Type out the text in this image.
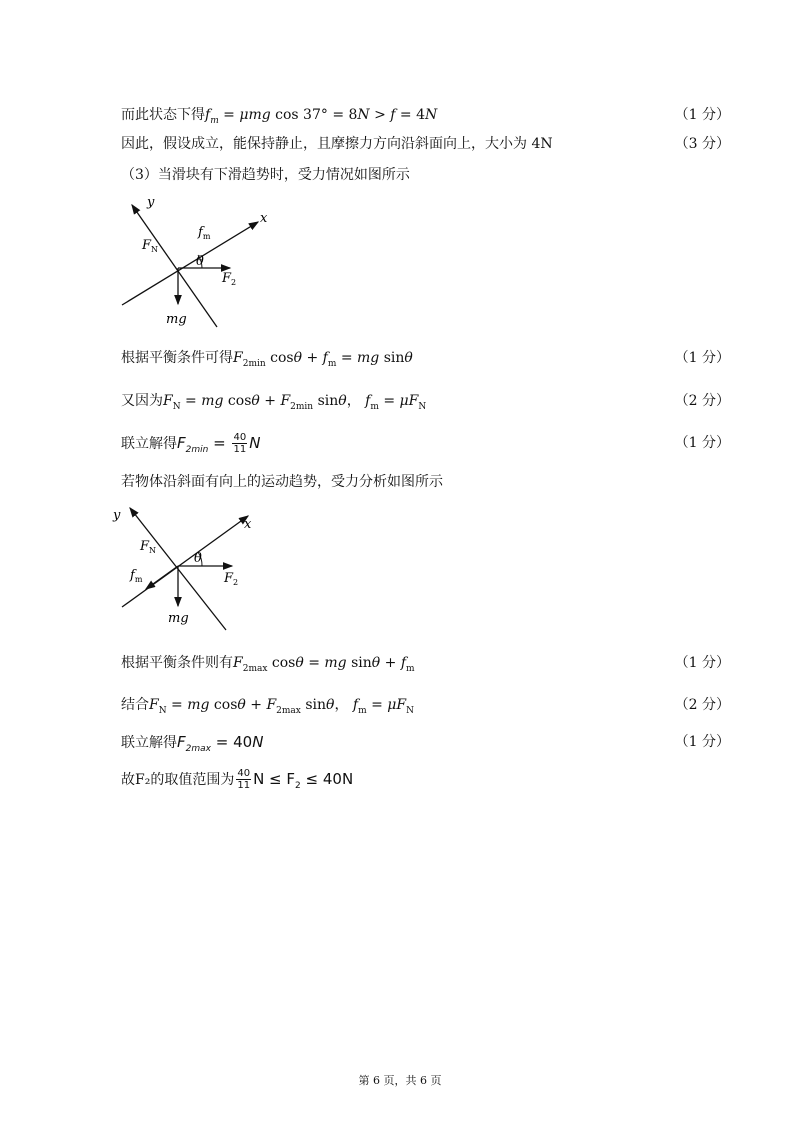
而此状态下得$f_m = \mu mg$ cos 37° = 8N > f = 4N	（1 分）
因此，假设成立，能保持静止，且摩擦力方向沿斜面向上，大小为 4N	（3 分）
（3）当滑块有下滑趋势时，受力情况如图所示
y
x
$f_m$
$F_N$
θ
$F_2$
mg
根据平衡条件可得$F_{2min}$ $\cos\theta + f_m$ = mg sinθ	（1 分）
又因为$F_N$ = mg $\cos\theta + F_{2min}$ sinθ， $f_m = \mu F_N$	（2 分）
联立解得$F_{2min} = \frac{40}{11}$ N	（1 分）
若物体沿斜面有向上的运动趋势，受力分析如图所示
y
x
$F_N$
θ
$f_m$	$F_2$
mg
根据平衡条件则有$F_{2max}$ cosθ = mg $\sin\theta + f_m$	（1 分）
结合$F_N$ = mg $\cos\theta + F_{2max}$ sinθ， $f_m = \mu F_N$	（2 分）
联立解得$F_{2max} = 40N$	（1 分）
故F₂的取值范围为 $\frac{40}{11}$ $N \le F_2 \le 40N$
第 6 页，共 6 页
